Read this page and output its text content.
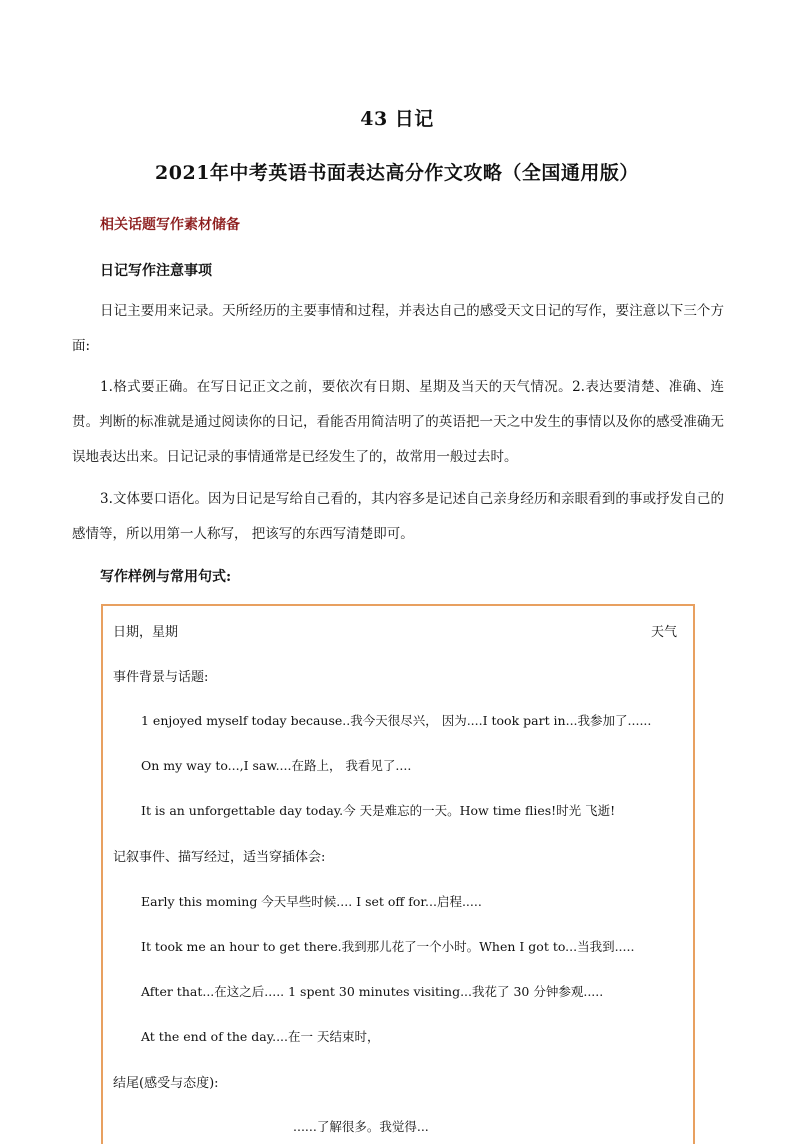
43 日记
2021年中考英语书面表达高分作文攻略（全国通用版）
相关话题写作素材储备
日记写作注意事项

日记主要用来记录。天所经历的主要事情和过程，并表达自己的感受天文日记的写作，要注意以下三个方面:

1.格式要正确。在写日记正文之前，要依次有日期、星期及当天的天气情况。2.表达要清楚、准确、连贯。判断的标准就是通过阅读你的日记，看能否用简洁明了的英语把一天之中发生的事情以及你的感受准确无误地表达出来。日记记录的事情通常是已经发生了的，故常用一般过去时。

3.文体要口语化。因为日记是写给自己看的，其内容多是记述自己亲身经历和亲眼看到的事或抒发自己的感情等，所以用第一人称写， 把该写的东西写清楚即可。

写作样例与常用句式:
日期，星期	天气
事件背景与话题:
1 enjoyed myself today because..我今天很尽兴， 因为....I took part in...我参加了......
On my way to...,I saw....在路上， 我看见了....
It is an unforgettable day today.今 天是难忘的一天。How time flies!时光 飞逝!
记叙事件、描写经过，适当穿插体会:
Early this moming 今天早些时候.... I set off for...启程.....
It took me an hour to get there.我到那儿花了一个小时。When I got to...当我到.....
After that...在这之后..... 1 spent 30 minutes visiting...我花了 30 分钟参观.....
At the end of the day....在一 天结束时，
结尾(感受与态度):
......了解很多。我觉得...
